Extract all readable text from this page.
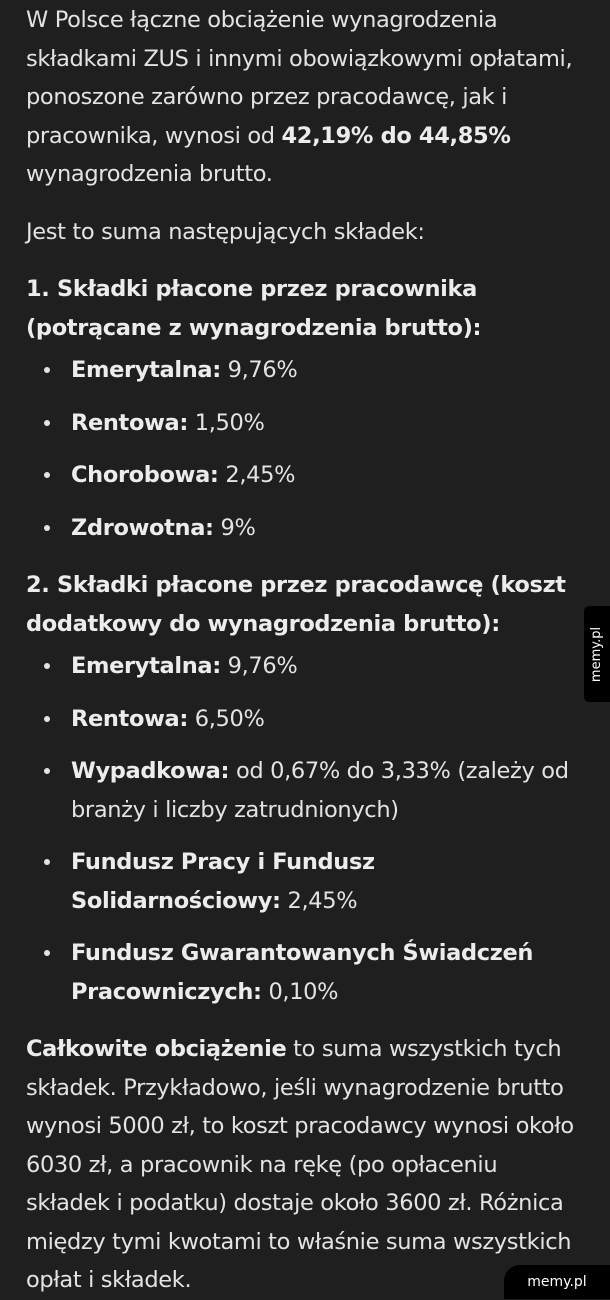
W Polsce łączne obciążenie wynagrodzenia składkami ZUS i innymi obowiązkowymi opłatami, ponoszone zarówno przez pracodawcę, jak i pracownika, wynosi od 42,19% do 44,85% wynagrodzenia brutto.

Jest to suma następujących składek:

1. Składki płacone przez pracownika (potrącane z wynagrodzenia brutto):

Emerytalna: 9,76%
Rentowa: 1,50%
Chorobowa: 2,45%
Zdrowotna: 9%

2. Składki płacone przez pracodawcę (koszt dodatkowy do wynagrodzenia brutto):

Emerytalna: 9,76%
Rentowa: 6,50%
Wypadkowa: od 0,67% do 3,33% (zależy od branży i liczby zatrudnionych)
Fundusz Pracy i Fundusz Solidarnościowy: 2,45%
Fundusz Gwarantowanych Świadczeń Pracowniczych: 0,10%

Całkowite obciążenie to suma wszystkich tych składek. Przykładowo, jeśli wynagrodzenie brutto wynosi 5000 zł, to koszt pracodawcy wynosi około 6030 zł, a pracownik na rękę (po opłaceniu składek i podatku) dostaje około 3600 zł. Różnica między tymi kwotami to właśnie suma wszystkich opłat i składek.

memy.pl
memy.pl
